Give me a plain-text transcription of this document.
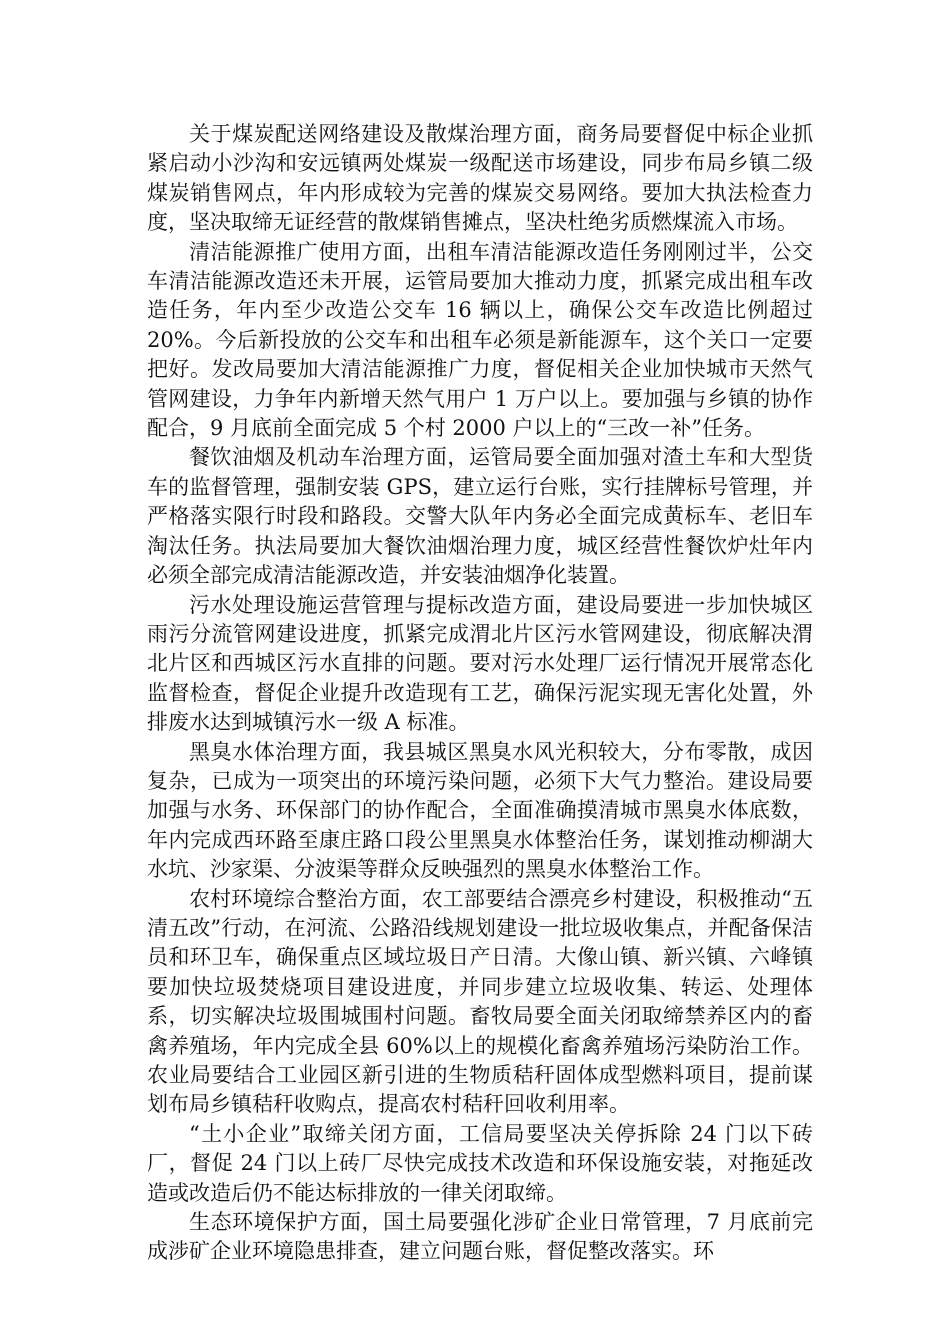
关于煤炭配送网络建设及散煤治理方面，商务局要督促中标企业抓紧启动小沙沟和安远镇两处煤炭一级配送市场建设，同步布局乡镇二级煤炭销售网点，年内形成较为完善的煤炭交易网络。要加大执法检查力度，坚决取缔无证经营的散煤销售摊点，坚决杜绝劣质燃煤流入市场。

清洁能源推广使用方面，出租车清洁能源改造任务刚刚过半，公交车清洁能源改造还未开展，运管局要加大推动力度，抓紧完成出租车改造任务，年内至少改造公交车 16 辆以上，确保公交车改造比例超过 20%。今后新投放的公交车和出租车必须是新能源车，这个关口一定要把好。发改局要加大清洁能源推广力度，督促相关企业加快城市天然气管网建设，力争年内新增天然气用户 1 万户以上。要加强与乡镇的协作配合，9 月底前全面完成 5 个村 2000 户以上的“三改一补”任务。

餐饮油烟及机动车治理方面，运管局要全面加强对渣土车和大型货车的监督管理，强制安装 GPS，建立运行台账，实行挂牌标号管理，并严格落实限行时段和路段。交警大队年内务必全面完成黄标车、老旧车淘汰任务。执法局要加大餐饮油烟治理力度，城区经营性餐饮炉灶年内必须全部完成清洁能源改造，并安装油烟净化装置。

污水处理设施运营管理与提标改造方面，建设局要进一步加快城区雨污分流管网建设进度，抓紧完成渭北片区污水管网建设，彻底解决渭北片区和西城区污水直排的问题。要对污水处理厂运行情况开展常态化监督检查，督促企业提升改造现有工艺，确保污泥实现无害化处置，外排废水达到城镇污水一级 A 标准。

黑臭水体治理方面，我县城区黑臭水风光积较大，分布零散，成因复杂，已成为一项突出的环境污染问题，必须下大气力整治。建设局要加强与水务、环保部门的协作配合，全面准确摸清城市黑臭水体底数，年内完成西环路至康庄路口段公里黑臭水体整治任务，谋划推动柳湖大水坑、沙家渠、分波渠等群众反映强烈的黑臭水体整治工作。

农村环境综合整治方面，农工部要结合漂亮乡村建设，积极推动“五清五改”行动，在河流、公路沿线规划建设一批垃圾收集点，并配备保洁员和环卫车，确保重点区域垃圾日产日清。大像山镇、新兴镇、六峰镇要加快垃圾焚烧项目建设进度，并同步建立垃圾收集、转运、处理体系，切实解决垃圾围城围村问题。畜牧局要全面关闭取缔禁养区内的畜禽养殖场，年内完成全县 60%以上的规模化畜禽养殖场污染防治工作。农业局要结合工业园区新引进的生物质秸秆固体成型燃料项目，提前谋划布局乡镇秸秆收购点，提高农村秸秆回收利用率。

“土小企业”取缔关闭方面，工信局要坚决关停拆除 24 门以下砖厂，督促 24 门以上砖厂尽快完成技术改造和环保设施安装，对拖延改造或改造后仍不能达标排放的一律关闭取缔。

生态环境保护方面，国土局要强化涉矿企业日常管理，7 月底前完成涉矿企业环境隐患排查，建立问题台账，督促整改落实。环
